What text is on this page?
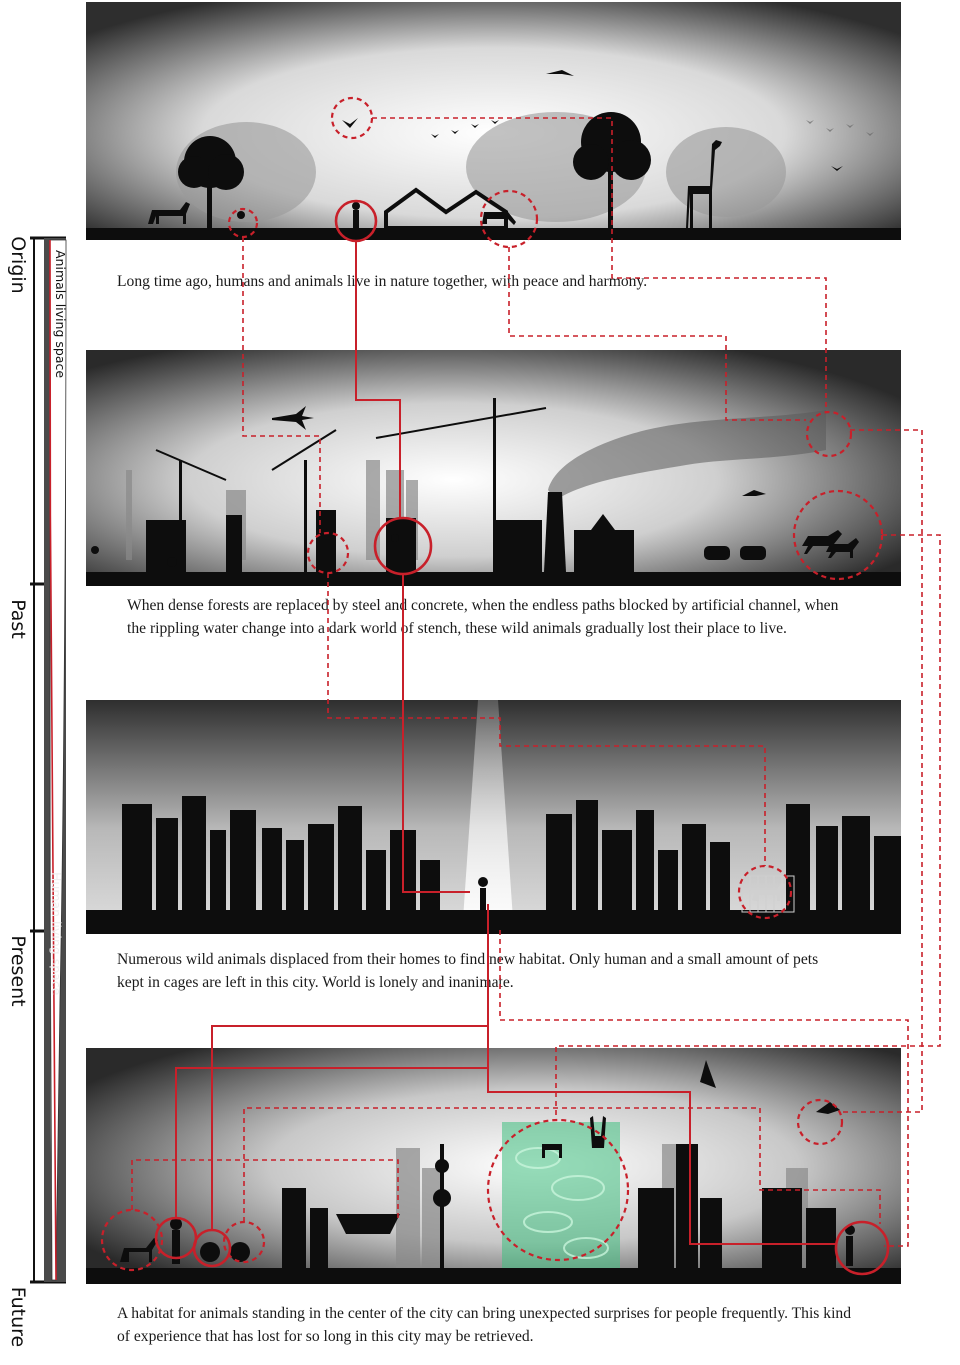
Origin
Past
Present
Future
Animals living space
Human living space
Long time ago, humans and animals live in nature together, with peace and harmony.
When dense forests are replaced by steel and concrete, when the endless paths blocked by artificial channel, when the rippling water change into a dark world of stench, these wild animals gradually lost their place to live.
Numerous wild animals displaced from their homes to find new habitat. Only human and a small amount of pets kept in cages are left in this city. World is lonely and inanimate.
A habitat for animals standing in the center of the city can bring unexpected surprises for people frequently. This kind of experience that has lost for so long in this city may be retrieved.
